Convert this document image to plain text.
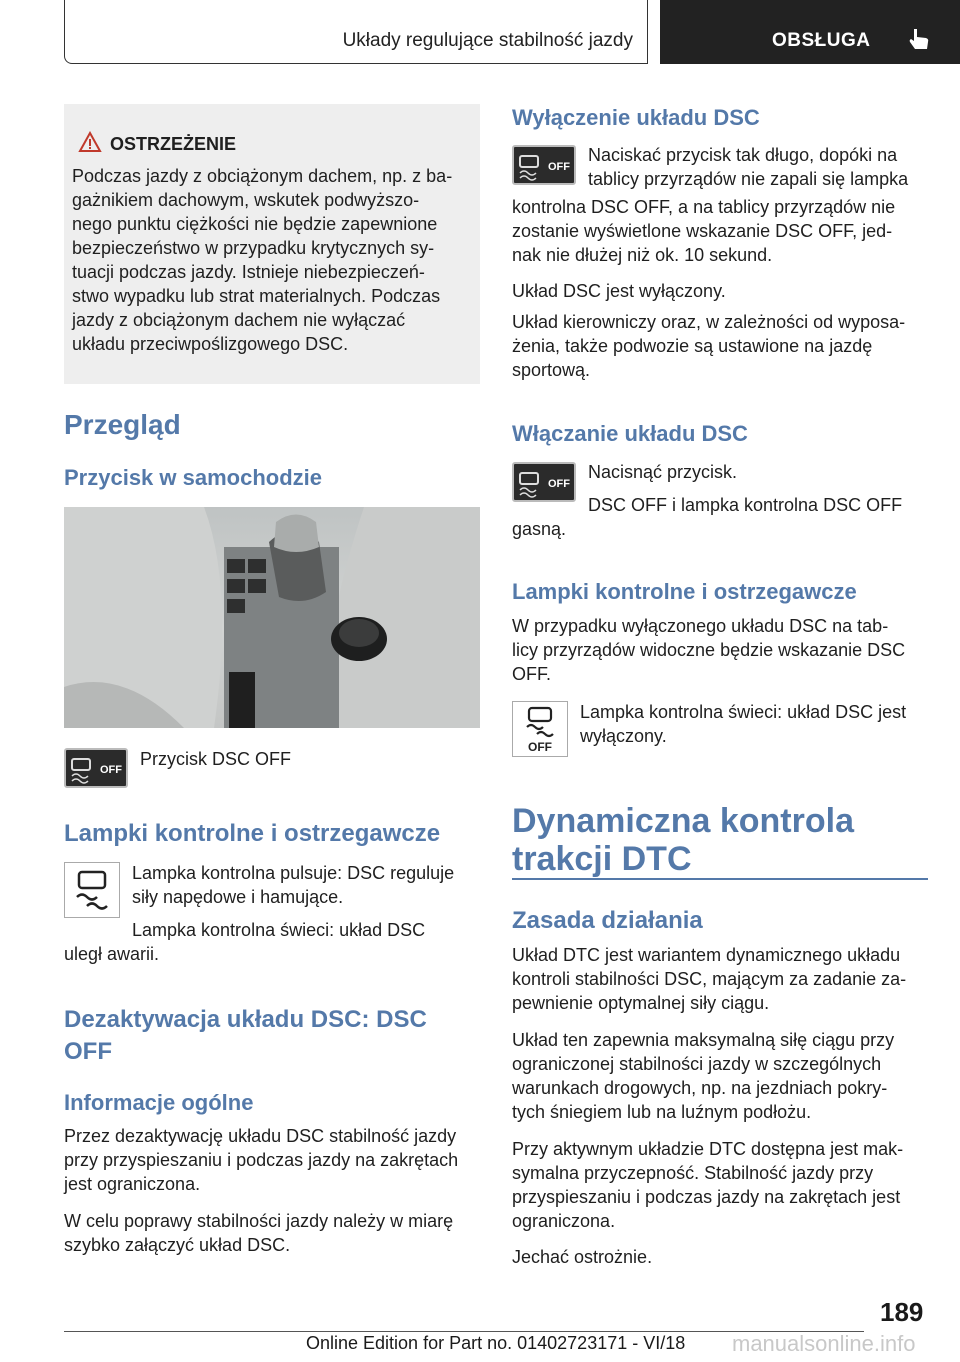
Układy regulujące stabilność jazdy	OBSŁUGA

OSTRZEŻENIE

Podczas jazdy z obciążonym dachem, np. z ba-

gażnikiem dachowym, wskutek podwyższo-

nego punktu ciężkości nie będzie zapewnione

bezpieczeństwo w przypadku krytycznych sy-

tuacji podczas jazdy. Istnieje niebezpieczeń-

stwo wypadku lub strat materialnych. Podczas

jazdy z obciążonym dachem nie wyłączać

układu przeciwpoślizgowego DSC.

Przegląd

Przycisk w samochodzie

OFF

Przycisk DSC OFF

Lampki kontrolne i ostrzegawcze

Lampka kontrolna pulsuje: DSC reguluje

siły napędowe i hamujące.

Lampka kontrolna świeci: układ DSC

uległ awarii.

Dezaktywacja układu DSC: DSC

OFF

Informacje ogólne

Przez dezaktywację układu DSC stabilność jazdy

przy przyspieszaniu i podczas jazdy na zakrętach

jest ograniczona.

W celu poprawy stabilności jazdy należy w miarę

szybko załączyć układ DSC.

Wyłączenie układu DSC

OFF

Naciskać przycisk tak długo, dopóki na

tablicy przyrządów nie zapali się lampka

kontrolna DSC OFF, a na tablicy przyrządów nie

zostanie wyświetlone wskazanie DSC OFF, jed-

nak nie dłużej niż ok. 10 sekund.

Układ DSC jest wyłączony.

Układ kierowniczy oraz, w zależności od wyposa-

żenia, także podwozie są ustawione na jazdę

sportową.

Włączanie układu DSC

OFF

Nacisnąć przycisk.

DSC OFF i lampka kontrolna DSC OFF

gasną.

Lampki kontrolne i ostrzegawcze

W przypadku wyłączonego układu DSC na tab-

licy przyrządów widoczne będzie wskazanie DSC

OFF.

OFF

Lampka kontrolna świeci: układ DSC jest

wyłączony.

Dynamiczna kontrola

trakcji DTC

Zasada działania

Układ DTC jest wariantem dynamicznego układu

kontroli stabilności DSC, mającym za zadanie za-

pewnienie optymalnej siły ciągu.

Układ ten zapewnia maksymalną siłę ciągu przy

ograniczonej stabilności jazdy w szczególnych

warunkach drogowych, np. na jezdniach pokry-

tych śniegiem lub na luźnym podłożu.

Przy aktywnym układzie DTC dostępna jest mak-

symalna przyczepność. Stabilność jazdy przy

przyspieszaniu i podczas jazdy na zakrętach jest

ograniczona.

Jechać ostrożnie.

189

Online Edition for Part no. 01402723171 - VI/18 manualsonline.info
